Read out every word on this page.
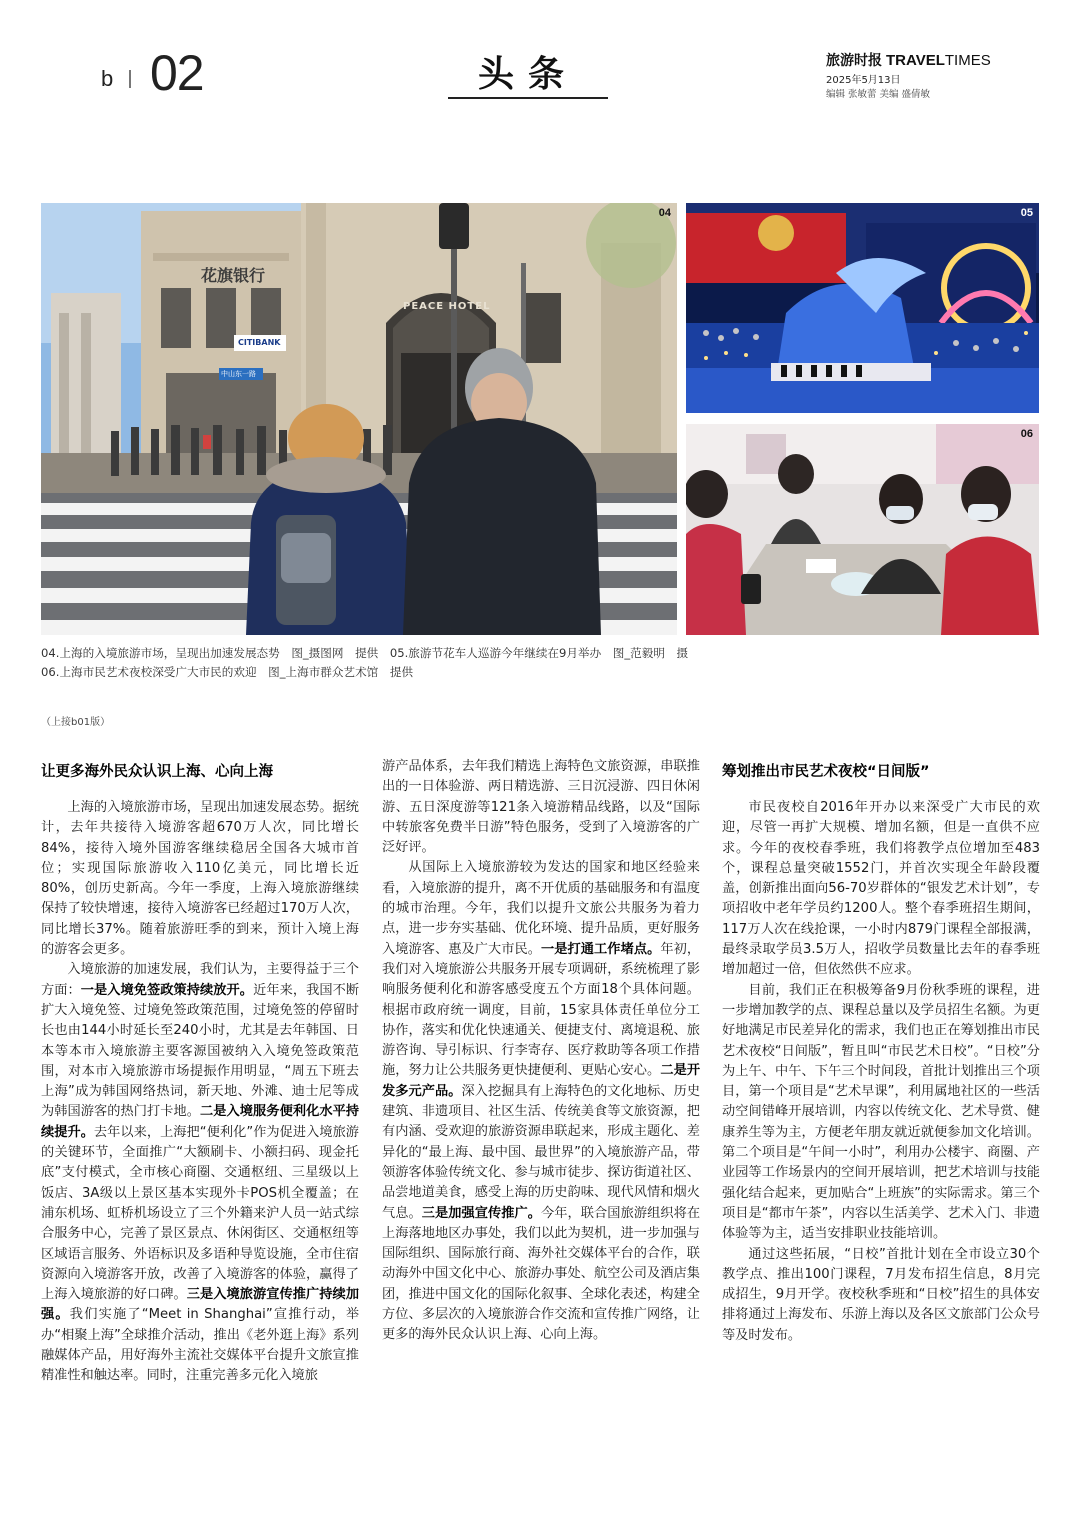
b 02	头条	旅游时报 TRAVELTIMES
2025年5月13日
编辑 张敏蕾 美编 盛倩敏
花旗银行
CITIBANK
PEACE HOTEL
中山东一路
04	05
06
04.上海的入境旅游市场，呈现出加速发展态势　图_摄图网　提供　05.旅游节花车人巡游今年继续在9月举办　图_范毅明　摄
06.上海市民艺术夜校深受广大市民的欢迎　图_上海市群众艺术馆　提供
（上接b01版）
让更多海外民众认识上海、心向上海

上海的入境旅游市场，呈现出加速发展态势。据统计，去年共接待入境游客超670万人次，同比增长84%，接待入境外国游客继续稳居全国各大城市首位；实现国际旅游收入110亿美元，同比增长近80%，创历史新高。今年一季度，上海入境旅游继续保持了较快增速，接待入境游客已经超过170万人次，同比增长37%。随着旅游旺季的到来，预计入境上海的游客会更多。

入境旅游的加速发展，我们认为，主要得益于三个方面：一是入境免签政策持续放开。近年来，我国不断扩大入境免签、过境免签政策范围，过境免签的停留时长也由144小时延长至240小时，尤其是去年韩国、日本等本市入境旅游主要客源国被纳入入境免签政策范围，对本市入境旅游市场提振作用明显，“周五下班去上海”成为韩国网络热词，新天地、外滩、迪士尼等成为韩国游客的热门打卡地。二是入境服务便利化水平持续提升。去年以来，上海把“便利化”作为促进入境旅游的关键环节，全面推广“大额刷卡、小额扫码、现金托底”支付模式，全市核心商圈、交通枢纽、三星级以上饭店、3A级以上景区基本实现外卡POS机全覆盖；在浦东机场、虹桥机场设立了三个外籍来沪人员一站式综合服务中心，完善了景区景点、休闲街区、交通枢纽等区域语言服务、外语标识及多语种导览设施，全市住宿资源向入境游客开放，改善了入境游客的体验，赢得了上海入境旅游的好口碑。三是入境旅游宣传推广持续加强。我们实施了“Meet in Shanghai”宣推行动，举办“相聚上海”全球推介活动，推出《老外逛上海》系列融媒体产品，用好海外主流社交媒体平台提升文旅宣推精准性和触达率。同时，注重完善多元化入境旅

游产品体系，去年我们精选上海特色文旅资源，串联推出的一日体验游、两日精选游、三日沉浸游、四日休闲游、五日深度游等121条入境游精品线路，以及“国际中转旅客免费半日游”特色服务，受到了入境游客的广泛好评。

从国际上入境旅游较为发达的国家和地区经验来看，入境旅游的提升，离不开优质的基础服务和有温度的城市治理。今年，我们以提升文旅公共服务为着力点，进一步夯实基础、优化环境、提升品质，更好服务入境游客、惠及广大市民。一是打通工作堵点。年初，我们对入境旅游公共服务开展专项调研，系统梳理了影响服务便利化和游客感受度五个方面18个具体问题。根据市政府统一调度，目前，15家具体责任单位分工协作，落实和优化快速通关、便捷支付、离境退税、旅游咨询、导引标识、行李寄存、医疗救助等各项工作措施，努力让公共服务更快捷便利、更贴心安心。二是开发多元产品。深入挖掘具有上海特色的文化地标、历史建筑、非遗项目、社区生活、传统美食等文旅资源，把有内涵、受欢迎的旅游资源串联起来，形成主题化、差异化的“最上海、最中国、最世界”的入境旅游产品，带领游客体验传统文化、参与城市徒步、探访街道社区、品尝地道美食，感受上海的历史韵味、现代风情和烟火气息。三是加强宣传推广。今年，联合国旅游组织将在上海落地地区办事处，我们以此为契机，进一步加强与国际组织、国际旅行商、海外社交媒体平台的合作，联动海外中国文化中心、旅游办事处、航空公司及酒店集团，推进中国文化的国际化叙事、全球化表述，构建全方位、多层次的入境旅游合作交流和宣传推广网络，让更多的海外民众认识上海、心向上海。

筹划推出市民艺术夜校“日间版”

市民夜校自2016年开办以来深受广大市民的欢迎，尽管一再扩大规模、增加名额，但是一直供不应求。今年的夜校春季班，我们将教学点位增加至483个，课程总量突破1552门，并首次实现全年龄段覆盖，创新推出面向56-70岁群体的“银发艺术计划”，专项招收中老年学员约1200人。整个春季班招生期间，117万人次在线抢课，一小时内879门课程全部报满，最终录取学员3.5万人，招收学员数量比去年的春季班增加超过一倍，但依然供不应求。

目前，我们正在积极筹备9月份秋季班的课程，进一步增加教学的点、课程总量以及学员招生名额。为更好地满足市民差异化的需求，我们也正在筹划推出市民艺术夜校“日间版”，暂且叫“市民艺术日校”。“日校”分为上午、中午、下午三个时间段，首批计划推出三个项目，第一个项目是“艺术早课”，利用属地社区的一些活动空间错峰开展培训，内容以传统文化、艺术导赏、健康养生等为主，方便老年朋友就近就便参加文化培训。第二个项目是“午间一小时”，利用办公楼宇、商圈、产业园等工作场景内的空间开展培训，把艺术培训与技能强化结合起来，更加贴合“上班族”的实际需求。第三个项目是“都市午茶”，内容以生活美学、艺术入门、非遗体验等为主，适当安排职业技能培训。

通过这些拓展，“日校”首批计划在全市设立30个教学点、推出100门课程，7月发布招生信息，8月完成招生，9月开学。夜校秋季班和“日校”招生的具体安排将通过上海发布、乐游上海以及各区文旅部门公众号等及时发布。
